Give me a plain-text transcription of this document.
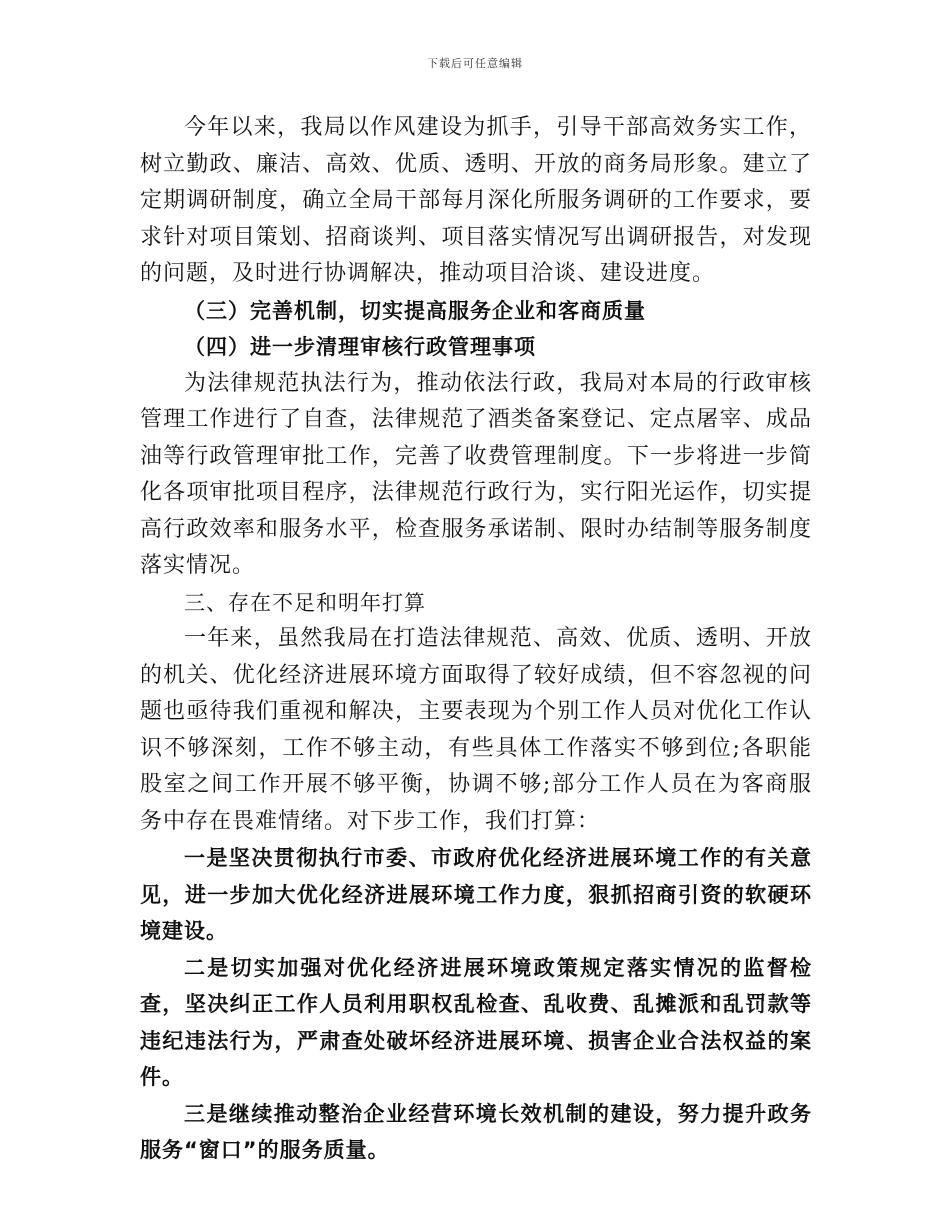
下载后可任意编辑

今年以来，我局以作风建设为抓手，引导干部高效务实工作，树立勤政、廉洁、高效、优质、透明、开放的商务局形象。建立了定期调研制度，确立全局干部每月深化所服务调研的工作要求，要求针对项目策划、招商谈判、项目落实情况写出调研报告，对发现的问题，及时进行协调解决，推动项目洽谈、建设进度。

（三）完善机制，切实提高服务企业和客商质量

（四）进一步清理审核行政管理事项

为法律规范执法行为，推动依法行政，我局对本局的行政审核管理工作进行了自查，法律规范了酒类备案登记、定点屠宰、成品油等行政管理审批工作，完善了收费管理制度。下一步将进一步简化各项审批项目程序，法律规范行政行为，实行阳光运作，切实提高行政效率和服务水平，检查服务承诺制、限时办结制等服务制度落实情况。

三、存在不足和明年打算

一年来，虽然我局在打造法律规范、高效、优质、透明、开放的机关、优化经济进展环境方面取得了较好成绩，但不容忽视的问题也亟待我们重视和解决，主要表现为个别工作人员对优化工作认识不够深刻，工作不够主动，有些具体工作落实不够到位;各职能股室之间工作开展不够平衡，协调不够;部分工作人员在为客商服务中存在畏难情绪。对下步工作，我们打算：

一是坚决贯彻执行市委、市政府优化经济进展环境工作的有关意见，进一步加大优化经济进展环境工作力度，狠抓招商引资的软硬环境建设。

二是切实加强对优化经济进展环境政策规定落实情况的监督检查，坚决纠正工作人员利用职权乱检查、乱收费、乱摊派和乱罚款等违纪违法行为，严肃查处破坏经济进展环境、损害企业合法权益的案件。

三是继续推动整治企业经营环境长效机制的建设，努力提升政务服务“窗口”的服务质量。
